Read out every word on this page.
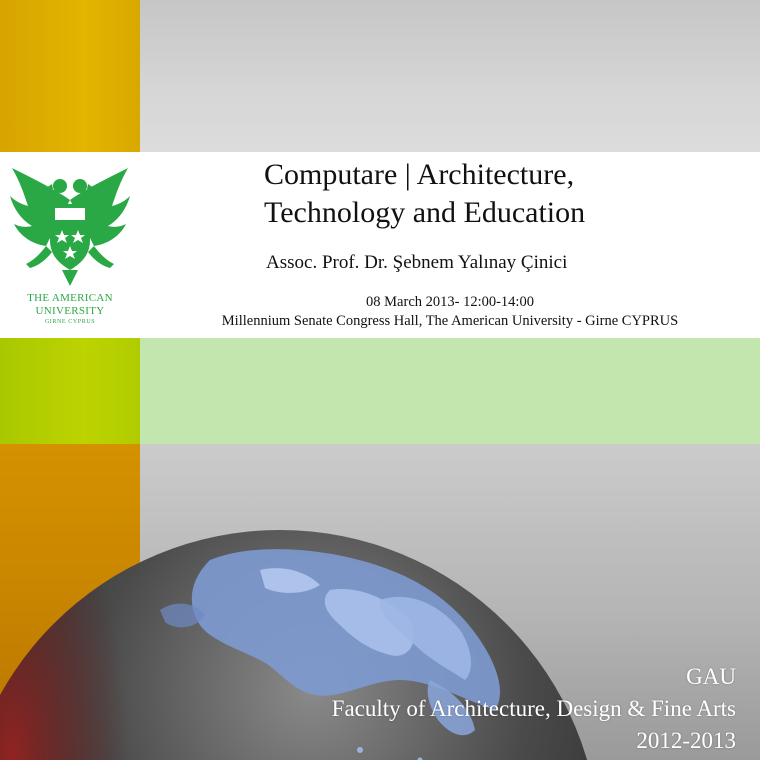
THE AMERICAN
UNIVERSITY
GIRNE CYPRUS
Computare | Architecture,
Technology and Education
Assoc. Prof. Dr. Şebnem Yalınay Çinici
08 March 2013- 12:00-14:00
Millennium Senate Congress Hall, The American University - Girne CYPRUS
GAU
Faculty of Architecture, Design & Fine Arts
2012-2013
